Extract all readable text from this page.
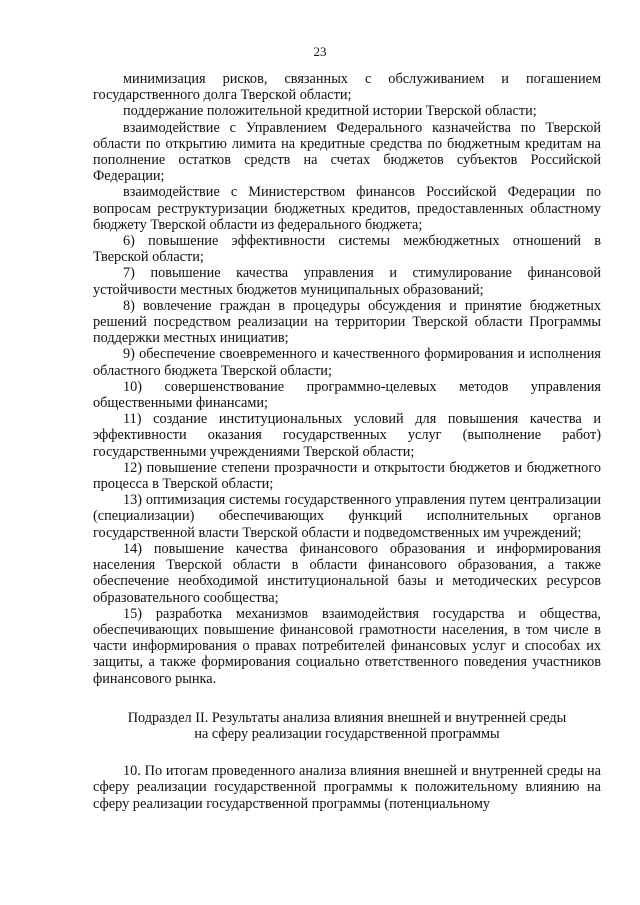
23

минимизация рисков, связанных с обслуживанием и погашением государственного долга Тверской области;

поддержание положительной кредитной истории Тверской области;

взаимодействие с Управлением Федерального казначейства по Тверской области по открытию лимита на кредитные средства по бюджетным кредитам на пополнение остатков средств на счетах бюджетов субъектов Российской Федерации;

взаимодействие с Министерством финансов Российской Федерации по вопросам реструктуризации бюджетных кредитов, предоставленных областному бюджету Тверской области из федерального бюджета;

6) повышение эффективности системы межбюджетных отношений в Тверской области;

7) повышение качества управления и стимулирование финансовой устойчивости местных бюджетов муниципальных образований;

8) вовлечение граждан в процедуры обсуждения и принятие бюджетных решений посредством реализации на территории Тверской области Программы поддержки местных инициатив;

9) обеспечение своевременного и качественного формирования и исполнения областного бюджета Тверской области;

10) совершенствование программно-целевых методов управления общественными финансами;

11) создание институциональных условий для повышения качества и эффективности оказания государственных услуг (выполнение работ) государственными учреждениями Тверской области;

12) повышение степени прозрачности и открытости бюджетов и бюджетного процесса в Тверской области;

13) оптимизация системы государственного управления путем централизации (специализации) обеспечивающих функций исполнительных органов государственной власти Тверской области и подведомственных им учреждений;

14) повышение качества финансового образования и информирования населения Тверской области в области финансового образования, а также обеспечение необходимой институциональной базы и методических ресурсов образовательного сообщества;

15) разработка механизмов взаимодействия государства и общества, обеспечивающих повышение финансовой грамотности населения, в том числе в части информирования о правах потребителей финансовых услуг и способах их защиты, а также формирования социально ответственного поведения участников финансового рынка.

Подраздел II. Результаты анализа влияния внешней и внутренней среды
на сферу реализации государственной программы

10. По итогам проведенного анализа влияния внешней и внутренней среды на сферу реализации государственной программы к положительному влиянию на сферу реализации государственной программы (потенциальному
